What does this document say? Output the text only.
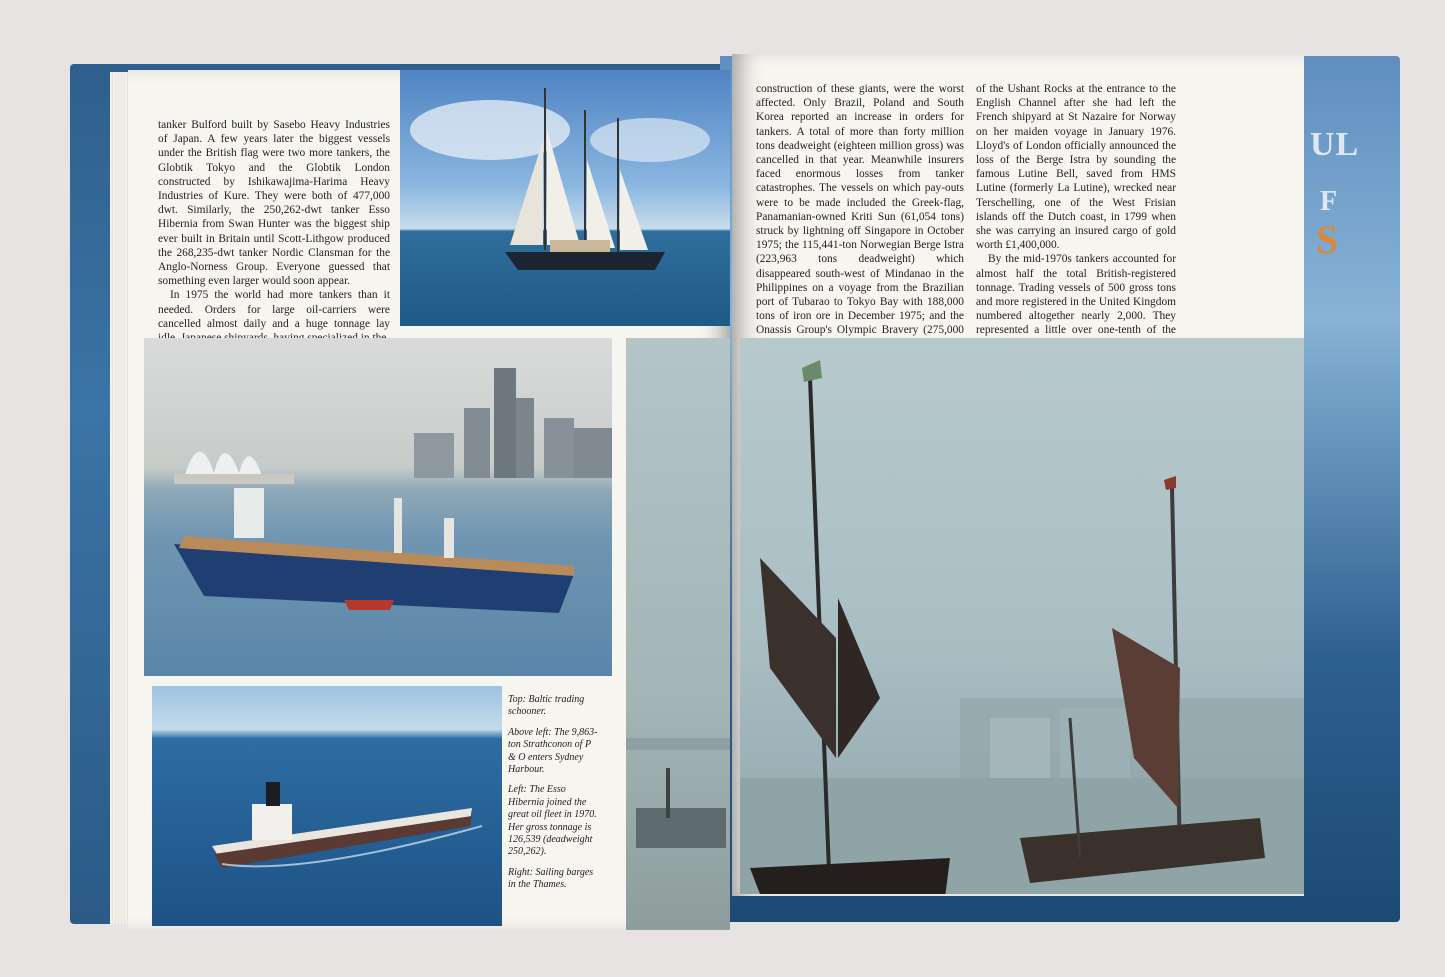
UL
F
S

tanker Bulford built by Sasebo Heavy Industries of Japan. A few years later the biggest vessels under the British flag were two more tankers, the Globtik Tokyo and the Globtik London constructed by Ishikawajima-Harima Heavy Industries of Kure. They were both of 477,000 dwt. Similarly, the 250,262-dwt tanker Esso Hibernia from Swan Hunter was the biggest ship ever built in Britain until Scott-Lithgow produced the 268,235-dwt tanker Nordic Clansman for the Anglo-Norness Group. Everyone guessed that something even larger would soon appear.

In 1975 the world had more tankers than it needed. Orders for large oil-carriers were cancelled almost daily and a huge tonnage lay

Top: Baltic trading schooner.

Above left: The 9,863-ton Strathconon of P & O enters Sydney Harbour.

Left: The Esso Hibernia joined the great oil fleet in 1970. Her gross tonnage is 126,539 (deadweight 250,262).

Right: Sailing barges in the Thames.

construction of these giants, were the worst affected. Only Brazil, Poland and South Korea reported an increase in orders for tankers. A total of more than forty million tons deadweight (eighteen million gross) was cancelled in that year. Meanwhile insurers faced enormous losses from tanker catastrophes. The vessels on which pay-outs were to be made included the Greek-flag, Panamanian-owned Kriti Sun (61,054 tons) struck by lightning off Singapore in October 1975; the 115,441-ton Norwegian Berge Istra (223,963 tons deadweight) which disappeared south-west of Mindanao in the Philippines on a voyage from the Brazilian port of Tubarao to Tokyo Bay with 188,000 tons of iron ore in December 1975; and the Onassis Group's Olympic Bravery (275,000

of the Ushant Rocks at the entrance to the English Channel after she had left the French shipyard at St Nazaire for Norway on her maiden voyage in January 1976. Lloyd's of London officially announced the loss of the Berge Istra by sounding the famous Lutine Bell, saved from HMS Lutine (formerly La Lutine), wrecked near Terschelling, one of the West Frisian islands off the Dutch coast, in 1799 when she was carrying an insured cargo of gold worth £1,400,000.

By the mid-1970s tankers accounted for almost half the total British-registered tonnage. Trading vessels of 500 gross tons and more registered in the United Kingdom numbered altogether nearly 2,000. They represented a little over one-tenth of the
